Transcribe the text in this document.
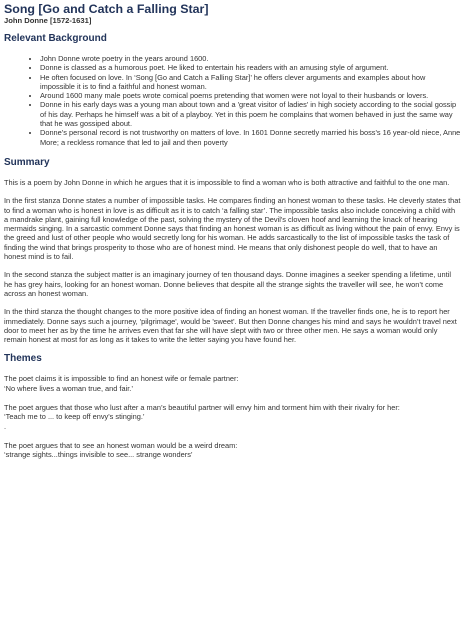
Song [Go and Catch a Falling Star]
John Donne [1572-1631]
Relevant Background
• John Donne wrote poetry in the years around 1600.
• Donne is classed as a humorous poet. He liked to entertain his readers with an amusing style of argument.
• He often focused on love. In ‘Song [Go and Catch a Falling Star]’ he offers clever arguments and examples about how impossible it is to find a faithful and honest woman.
• Around 1600 many male poets wrote comical poems pretending that women were not loyal to their husbands or lovers.
• Donne in his early days was a young man about town and a 'great visitor of ladies' in high society according to the social gossip of his day. Perhaps he himself was a bit of a playboy. Yet in this poem he complains that women behaved in just the same way that he was gossiped about.
• Donne’s personal record is not trustworthy on matters of love. In 1601 Donne secretly married his boss's 16 year-old niece, Anne More; a reckless romance that led to jail and then poverty
Summary

This is a poem by John Donne in which he argues that it is impossible to find a woman who is both attractive and faithful to the one man.

In the first stanza Donne states a number of impossible tasks. He compares finding an honest woman to these tasks. He cleverly states that to find a woman who is honest in love is as difficult as it is to catch ‘a falling star’. The impossible tasks also include conceiving a child with a mandrake plant, gaining full knowledge of the past, solving the mystery of the Devil's cloven hoof and learning the knack of hearing mermaids singing. In a sarcastic comment Donne says that finding an honest woman is as difficult as living without the pain of envy. Envy is the greed and lust of other people who would secretly long for his woman. He adds sarcastically to the list of impossible tasks the task of finding the wind that brings prosperity to those who are of honest mind. He means that only dishonest people do well, that to have an honest mind is to fail.

In the second stanza the subject matter is an imaginary journey of ten thousand days. Donne imagines a seeker spending a lifetime, until he has grey hairs, looking for an honest woman. Donne believes that despite all the strange sights the traveller will see, he won’t come across an honest woman.

In the third stanza the thought changes to the more positive idea of finding an honest woman. If the traveller finds one, he is to report her immediately. Donne says such a journey, 'pilgrimage', would be 'sweet'. But then Donne changes his mind and says he wouldn’t travel next door to meet her as by the time he arrives even that far she will have slept with two or three other men. He says a woman would only remain honest at most for as long as it takes to write the letter saying you have found her.

Themes
The poet claims it is impossible to find an honest wife or female partner:
‘No where lives a woman true, and fair.’
The poet argues that those who lust after a man’s beautiful partner will envy him and torment him with their rivalry for her:
‘Teach me to ... to keep off envy's stinging.’
.
The poet argues that to see an honest woman would be a weird dream:
‘strange sights...things invisible to see... strange wonders’
